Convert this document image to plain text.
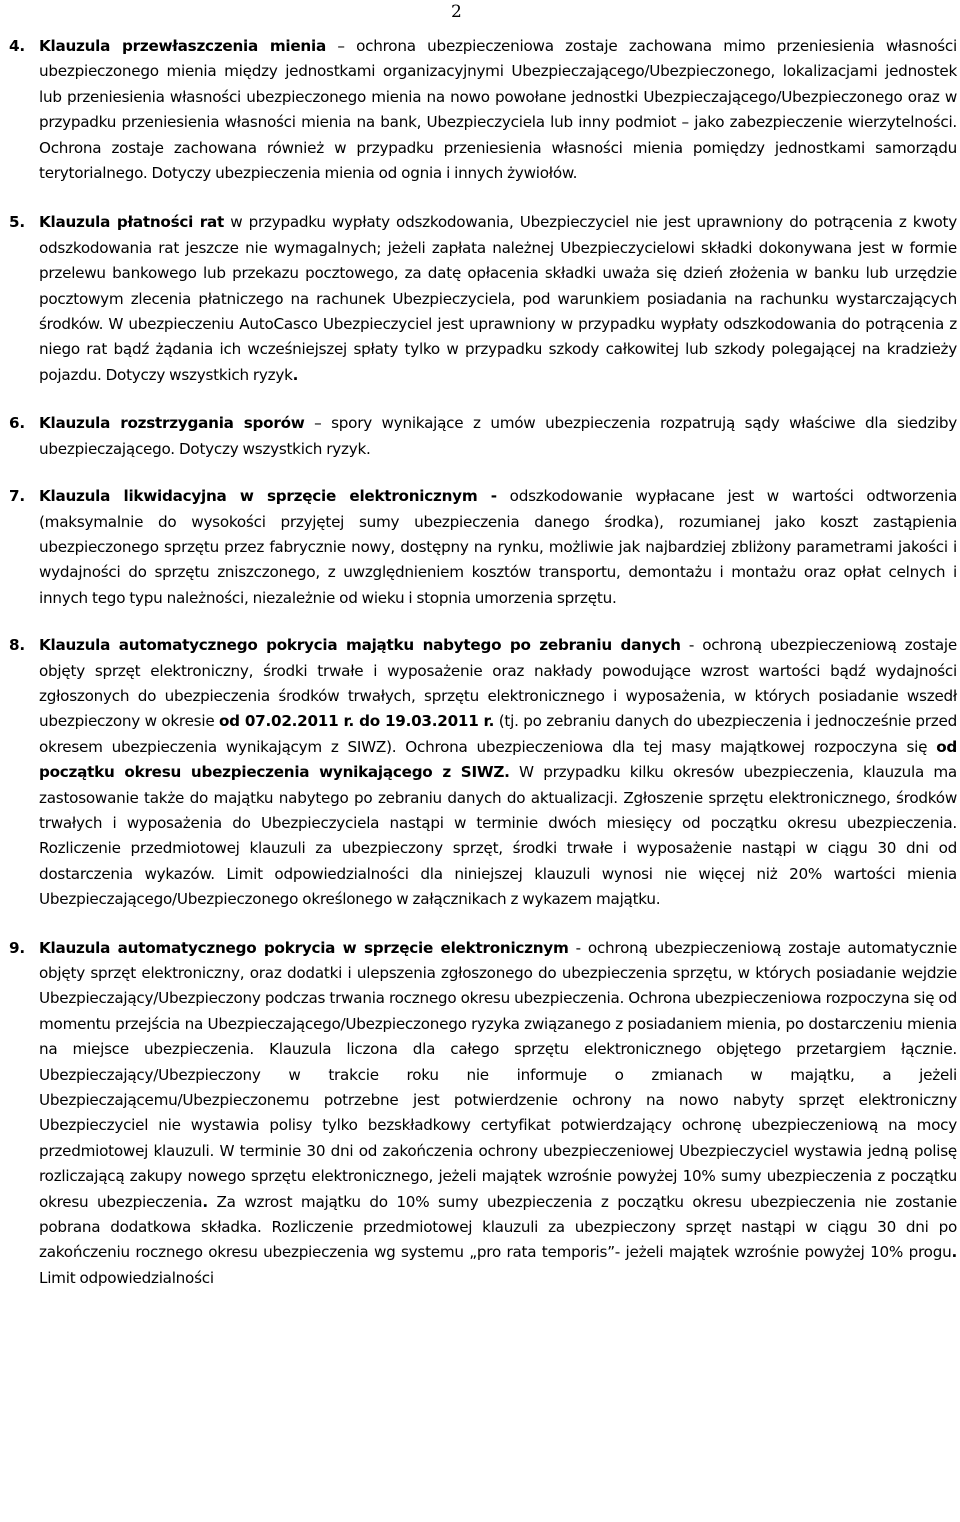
2

4. Klauzula przewłaszczenia mienia – ochrona ubezpieczeniowa zostaje zachowana mimo przeniesienia własności ubezpieczonego mienia między jednostkami organizacyjnymi Ubezpieczającego/Ubezpieczonego, lokalizacjami jednostek lub przeniesienia własności ubezpieczonego mienia na nowo powołane jednostki Ubezpieczającego/Ubezpieczonego oraz w przypadku przeniesienia własności mienia na bank, Ubezpieczyciela lub inny podmiot – jako zabezpieczenie wierzytelności. Ochrona zostaje zachowana również w przypadku przeniesienia własności mienia pomiędzy jednostkami samorządu terytorialnego. Dotyczy ubezpieczenia mienia od ognia i innych żywiołów.

5. Klauzula płatności rat w przypadku wypłaty odszkodowania, Ubezpieczyciel nie jest uprawniony do potrącenia z kwoty odszkodowania rat jeszcze nie wymagalnych; jeżeli zapłata należnej Ubezpieczycielowi składki dokonywana jest w formie przelewu bankowego lub przekazu pocztowego, za datę opłacenia składki uważa się dzień złożenia w banku lub urzędzie pocztowym zlecenia płatniczego na rachunek Ubezpieczyciela, pod warunkiem posiadania na rachunku wystarczających środków. W ubezpieczeniu AutoCasco Ubezpieczyciel jest uprawniony w przypadku wypłaty odszkodowania do potrącenia z niego rat bądź żądania ich wcześniejszej spłaty tylko w przypadku szkody całkowitej lub szkody polegającej na kradzieży pojazdu. Dotyczy wszystkich ryzyk.

6. Klauzula rozstrzygania sporów – spory wynikające z umów ubezpieczenia rozpatrują sądy właściwe dla siedziby ubezpieczającego. Dotyczy wszystkich ryzyk.

7. Klauzula likwidacyjna w sprzęcie elektronicznym - odszkodowanie wypłacane jest w wartości odtworzenia (maksymalnie do wysokości przyjętej sumy ubezpieczenia danego środka), rozumianej jako koszt zastąpienia ubezpieczonego sprzętu przez fabrycznie nowy, dostępny na rynku, możliwie jak najbardziej zbliżony parametrami jakości i wydajności do sprzętu zniszczonego, z uwzględnieniem kosztów transportu, demontażu i montażu oraz opłat celnych i innych tego typu należności, niezależnie od wieku i stopnia umorzenia sprzętu.

8. Klauzula automatycznego pokrycia majątku nabytego po zebraniu danych - ochroną ubezpieczeniową zostaje objęty sprzęt elektroniczny, środki trwałe i wyposażenie oraz nakłady powodujące wzrost wartości bądź wydajności zgłoszonych do ubezpieczenia środków trwałych, sprzętu elektronicznego i wyposażenia, w których posiadanie wszedł ubezpieczony w okresie od 07.02.2011 r. do 19.03.2011 r. (tj. po zebraniu danych do ubezpieczenia i jednocześnie przed okresem ubezpieczenia wynikającym z SIWZ). Ochrona ubezpieczeniowa dla tej masy majątkowej rozpoczyna się od początku okresu ubezpieczenia wynikającego z SIWZ. W przypadku kilku okresów ubezpieczenia, klauzula ma zastosowanie także do majątku nabytego po zebraniu danych do aktualizacji. Zgłoszenie sprzętu elektronicznego, środków trwałych i wyposażenia do Ubezpieczyciela nastąpi w terminie dwóch miesięcy od początku okresu ubezpieczenia. Rozliczenie przedmiotowej klauzuli za ubezpieczony sprzęt, środki trwałe i wyposażenie nastąpi w ciągu 30 dni od dostarczenia wykazów. Limit odpowiedzialności dla niniejszej klauzuli wynosi nie więcej niż 20% wartości mienia Ubezpieczającego/Ubezpieczonego określonego w załącznikach z wykazem majątku.

9. Klauzula automatycznego pokrycia w sprzęcie elektronicznym - ochroną ubezpieczeniową zostaje automatycznie objęty sprzęt elektroniczny, oraz dodatki i ulepszenia zgłoszonego do ubezpieczenia sprzętu, w których posiadanie wejdzie Ubezpieczający/Ubezpieczony podczas trwania rocznego okresu ubezpieczenia. Ochrona ubezpieczeniowa rozpoczyna się od momentu przejścia na Ubezpieczającego/Ubezpieczonego ryzyka związanego z posiadaniem mienia, po dostarczeniu mienia na miejsce ubezpieczenia. Klauzula liczona dla całego sprzętu elektronicznego objętego przetargiem łącznie. Ubezpieczający/Ubezpieczony w trakcie roku nie informuje o zmianach w majątku, a jeżeli Ubezpieczającemu/Ubezpieczonemu potrzebne jest potwierdzenie ochrony na nowo nabyty sprzęt elektroniczny Ubezpieczyciel nie wystawia polisy tylko bezskładkowy certyfikat potwierdzający ochronę ubezpieczeniową na mocy przedmiotowej klauzuli. W terminie 30 dni od zakończenia ochrony ubezpieczeniowej Ubezpieczyciel wystawia jedną polisę rozliczającą zakupy nowego sprzętu elektronicznego, jeżeli majątek wzrośnie powyżej 10% sumy ubezpieczenia z początku okresu ubezpieczenia. Za wzrost majątku do 10% sumy ubezpieczenia z początku okresu ubezpieczenia nie zostanie pobrana dodatkowa składka. Rozliczenie przedmiotowej klauzuli za ubezpieczony sprzęt nastąpi w ciągu 30 dni po zakończeniu rocznego okresu ubezpieczenia wg systemu „pro rata temporis”- jeżeli majątek wzrośnie powyżej 10% progu. Limit odpowiedzialności
